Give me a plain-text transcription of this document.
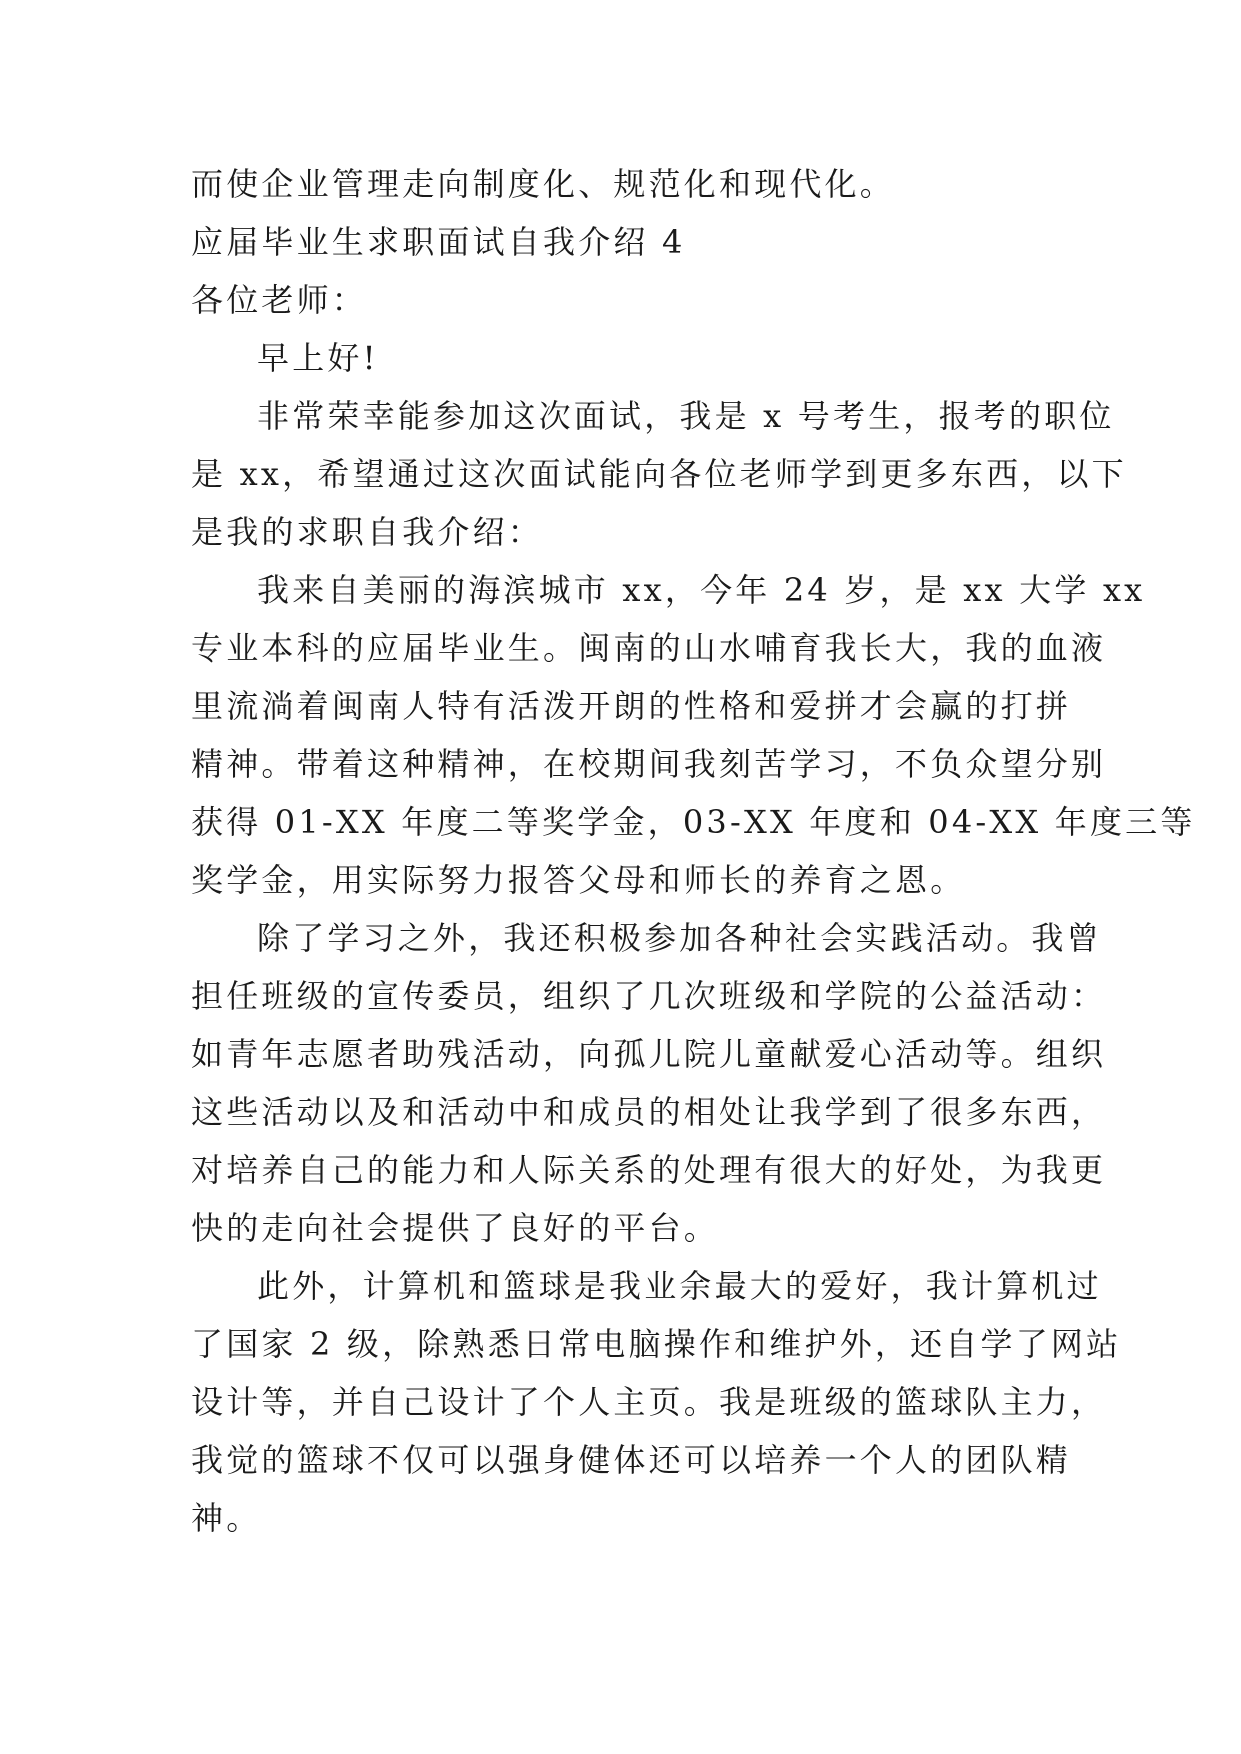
而使企业管理走向制度化、规范化和现代化。
应届毕业生求职面试自我介绍 4
各位老师：
早上好!
非常荣幸能参加这次面试，我是 x 号考生，报考的职位
是 xx，希望通过这次面试能向各位老师学到更多东西，以下
是我的求职自我介绍：
我来自美丽的海滨城市 xx，今年 24 岁，是 xx 大学 xx
专业本科的应届毕业生。闽南的山水哺育我长大，我的血液
里流淌着闽南人特有活泼开朗的性格和爱拼才会赢的打拼
精神。带着这种精神，在校期间我刻苦学习，不负众望分别
获得 01-XX 年度二等奖学金，03-XX 年度和 04-XX 年度三等
奖学金，用实际努力报答父母和师长的养育之恩。
除了学习之外，我还积极参加各种社会实践活动。我曾
担任班级的宣传委员，组织了几次班级和学院的公益活动：
如青年志愿者助残活动，向孤儿院儿童献爱心活动等。组织
这些活动以及和活动中和成员的相处让我学到了很多东西，
对培养自己的能力和人际关系的处理有很大的好处，为我更
快的走向社会提供了良好的平台。
此外，计算机和篮球是我业余最大的爱好，我计算机过
了国家 2 级，除熟悉日常电脑操作和维护外，还自学了网站
设计等，并自己设计了个人主页。我是班级的篮球队主力，
我觉的篮球不仅可以强身健体还可以培养一个人的团队精
神。
